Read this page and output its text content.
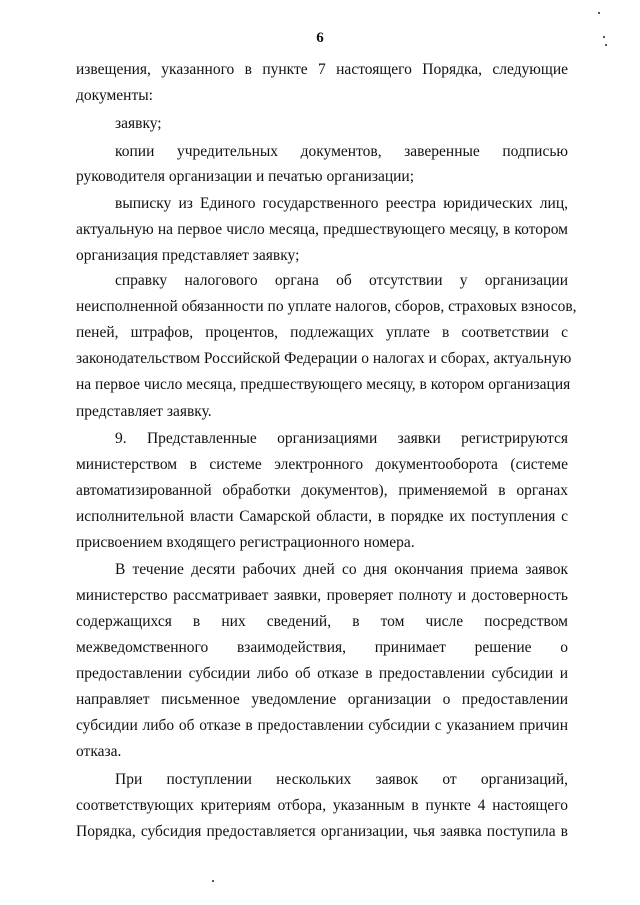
6
извещения, указанного в пункте 7 настоящего Порядка, следующие
документы:
заявку;
копии учредительных документов, заверенные подписью
руководителя организации и печатью организации;
выписку из Единого государственного реестра юридических лиц,
актуальную на первое число месяца, предшествующего месяцу, в котором
организация представляет заявку;
справку налогового органа об отсутствии у организации
неисполненной обязанности по уплате налогов, сборов, страховых взносов,
пеней, штрафов, процентов, подлежащих уплате в соответствии с
законодательством Российской Федерации о налогах и сборах, актуальную
на первое число месяца, предшествующего месяцу, в котором организация
представляет заявку.
9. Представленные организациями заявки регистрируются
министерством в системе электронного документооборота (системе
автоматизированной обработки документов), применяемой в органах
исполнительной власти Самарской области, в порядке их поступления с
присвоением входящего регистрационного номера.
В течение десяти рабочих дней со дня окончания приема заявок
министерство рассматривает заявки, проверяет полноту и достоверность
содержащихся в них сведений, в том числе посредством
межведомственного взаимодействия, принимает решение о
предоставлении субсидии либо об отказе в предоставлении субсидии и
направляет письменное уведомление организации о предоставлении
субсидии либо об отказе в предоставлении субсидии с указанием причин
отказа.
При поступлении нескольких заявок от организаций,
соответствующих критериям отбора, указанным в пункте 4 настоящего
Порядка, субсидия предоставляется организации, чья заявка поступила в
